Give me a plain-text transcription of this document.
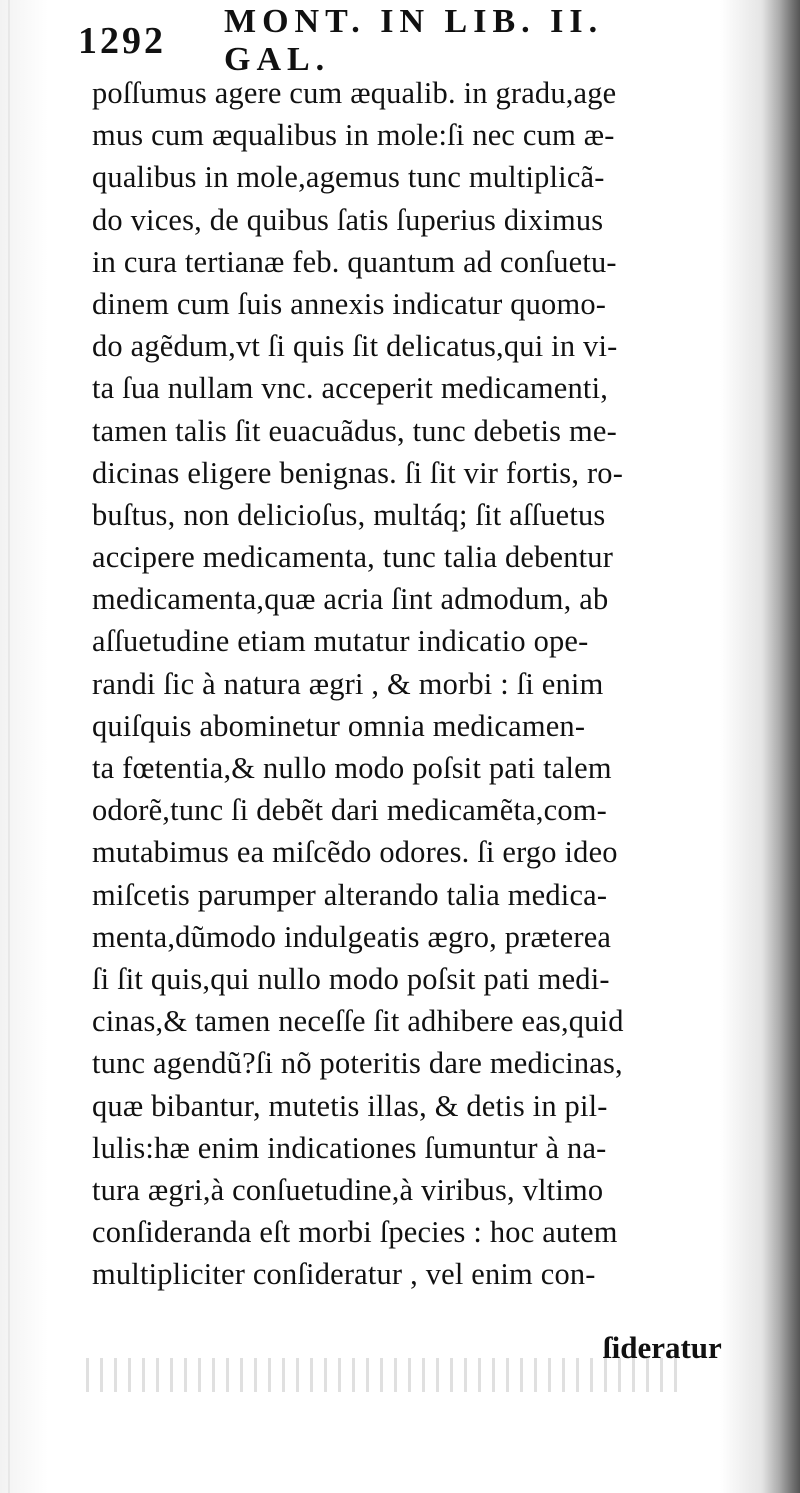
1292 MONT. IN LIB. II. GAL.
poſſumus agere cum æqualib. in gradu,age
mus cum æqualibus in mole:ſi nec cum æ-
qualibus in mole,agemus tunc multiplicã-
do vices, de quibus ſatis ſuperius diximus
in cura tertianæ feb. quantum ad conſuetu-
dinem cum ſuis annexis indicatur quomo-
do agẽdum,vt ſi quis ſit delicatus,qui in vi-
ta ſua nullam vnc. acceperit medicamenti,
tamen talis ſit euacuãdus, tunc debetis me-
dicinas eligere benignas. ſi ſit vir fortis, ro-
buſtus, non delicioſus, multáq; ſit aſſuetus
accipere medicamenta, tunc talia debentur
medicamenta,quæ acria ſint admodum, ab
aſſuetudine etiam mutatur indicatio ope-
randi ſic à natura ægri , & morbi : ſi enim
quiſquis abominetur omnia medicamen-
ta fœtentia,& nullo modo poſsit pati talem
odorẽ,tunc ſi debẽt dari medicamẽta,com-
mutabimus ea miſcẽdo odores. ſi ergo ideo
miſcetis parumper alterando talia medica-
menta,dũmodo indulgeatis ægro, præterea
ſi ſit quis,qui nullo modo poſsit pati medi-
cinas,& tamen neceſſe ſit adhibere eas,quid
tunc agendũ?ſi nõ poteritis dare medicinas,
quæ bibantur, mutetis illas, & detis in pil-
lulis:hæ enim indicationes ſumuntur à na-
tura ægri,à conſuetudine,à viribus, vltimo
conſideranda eſt morbi ſpecies : hoc autem
multipliciter conſideratur , vel enim con-
ſideratur
